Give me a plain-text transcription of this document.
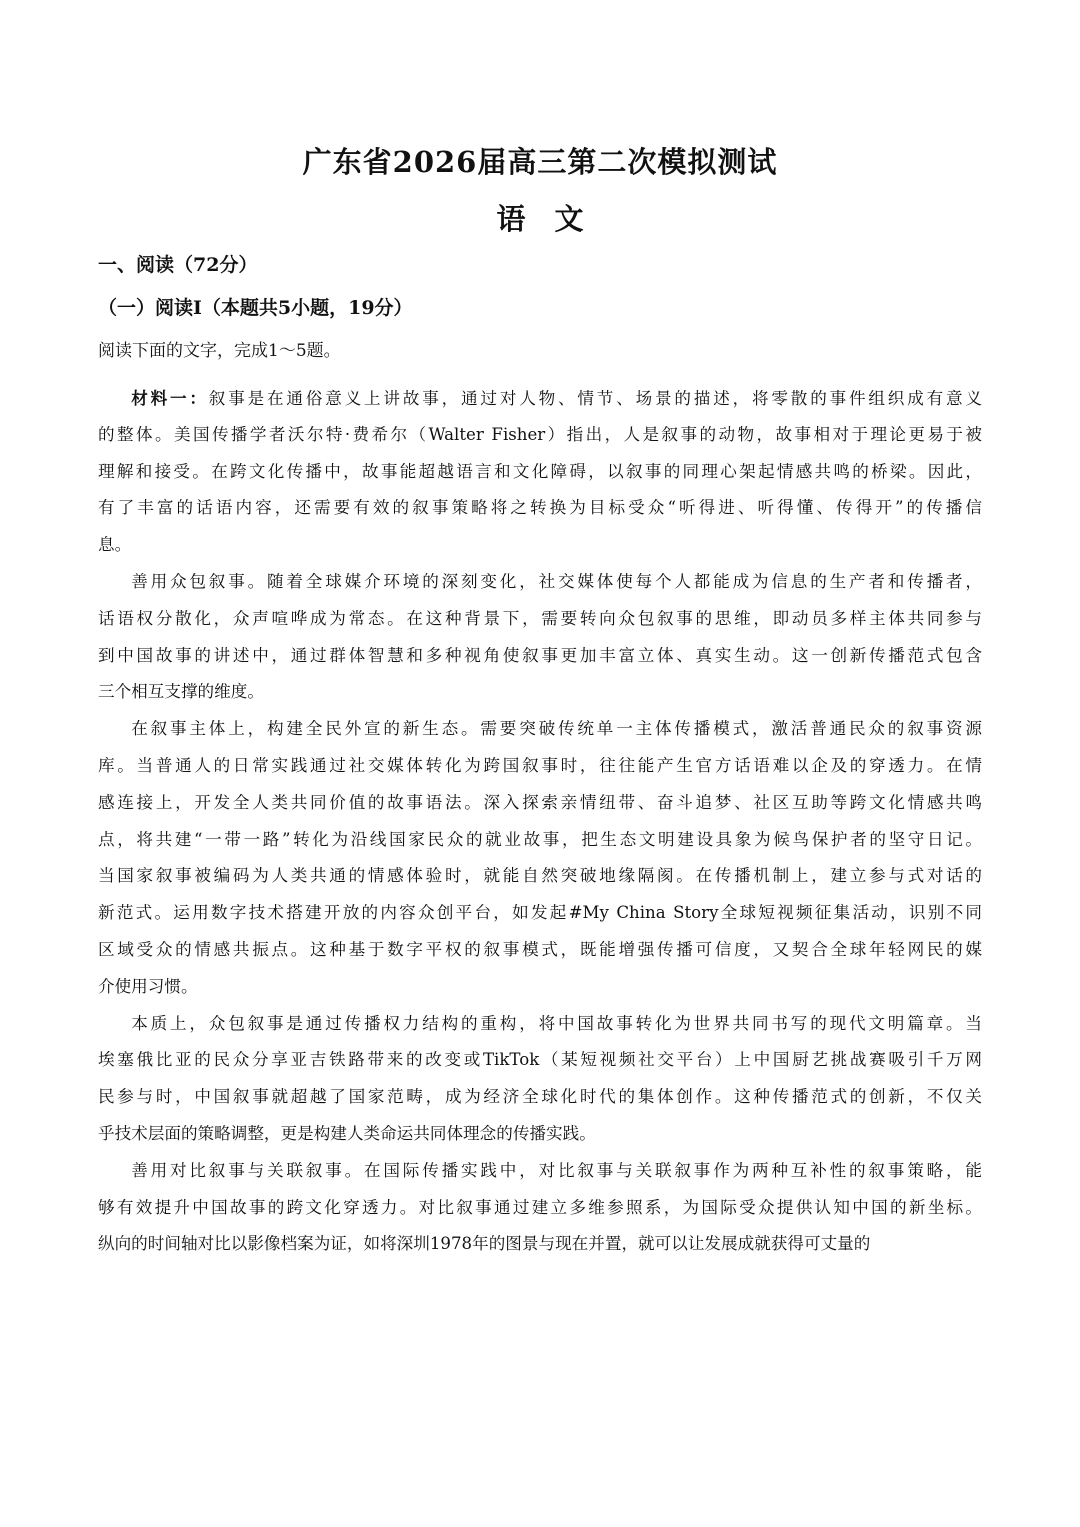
广东省2026届高三第二次模拟测试
语　文
一、阅读（72分）
（一）阅读Ⅰ（本题共5小题，19分）
阅读下面的文字，完成1～5题。
材料一：叙事是在通俗意义上讲故事，通过对人物、情节、场景的描述，将零散的事件组织成有意义
的整体。美国传播学者沃尔特·费希尔（Walter Fisher）指出，人是叙事的动物，故事相对于理论更易于被
理解和接受。在跨文化传播中，故事能超越语言和文化障碍，以叙事的同理心架起情感共鸣的桥梁。因此，
有了丰富的话语内容，还需要有效的叙事策略将之转换为目标受众“听得进、听得懂、传得开”的传播信
息。
善用众包叙事。随着全球媒介环境的深刻变化，社交媒体使每个人都能成为信息的生产者和传播者，
话语权分散化，众声喧哗成为常态。在这种背景下，需要转向众包叙事的思维，即动员多样主体共同参与
到中国故事的讲述中，通过群体智慧和多种视角使叙事更加丰富立体、真实生动。这一创新传播范式包含
三个相互支撑的维度。
在叙事主体上，构建全民外宣的新生态。需要突破传统单一主体传播模式，激活普通民众的叙事资源
库。当普通人的日常实践通过社交媒体转化为跨国叙事时，往往能产生官方话语难以企及的穿透力。在情
感连接上，开发全人类共同价值的故事语法。深入探索亲情纽带、奋斗追梦、社区互助等跨文化情感共鸣
点，将共建“一带一路”转化为沿线国家民众的就业故事，把生态文明建设具象为候鸟保护者的坚守日记。
当国家叙事被编码为人类共通的情感体验时，就能自然突破地缘隔阂。在传播机制上，建立参与式对话的
新范式。运用数字技术搭建开放的内容众创平台，如发起#My China Story全球短视频征集活动，识别不同
区域受众的情感共振点。这种基于数字平权的叙事模式，既能增强传播可信度，又契合全球年轻网民的媒
介使用习惯。
本质上，众包叙事是通过传播权力结构的重构，将中国故事转化为世界共同书写的现代文明篇章。当
埃塞俄比亚的民众分享亚吉铁路带来的改变或TikTok（某短视频社交平台）上中国厨艺挑战赛吸引千万网
民参与时，中国叙事就超越了国家范畴，成为经济全球化时代的集体创作。这种传播范式的创新，不仅关
乎技术层面的策略调整，更是构建人类命运共同体理念的传播实践。
善用对比叙事与关联叙事。在国际传播实践中，对比叙事与关联叙事作为两种互补性的叙事策略，能
够有效提升中国故事的跨文化穿透力。对比叙事通过建立多维参照系，为国际受众提供认知中国的新坐标。
纵向的时间轴对比以影像档案为证，如将深圳1978年的图景与现在并置，就可以让发展成就获得可丈量的
